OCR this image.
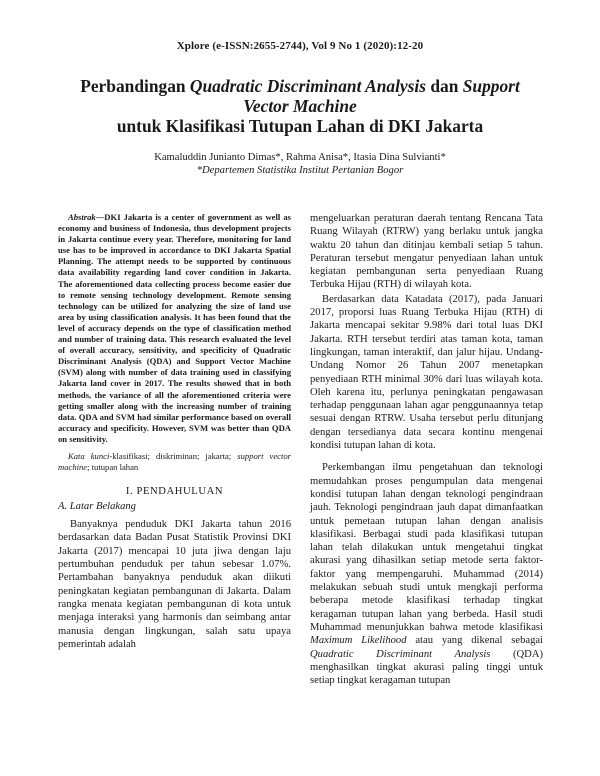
Xplore (e-ISSN:2655-2744), Vol 9 No 1 (2020):12-20
Perbandingan Quadratic Discriminant Analysis dan Support Vector Machine
untuk Klasifikasi Tutupan Lahan di DKI Jakarta
Kamaluddin Junianto Dimas*, Rahma Anisa*, Itasia Dina Sulvianti*
*Departemen Statistika Institut Pertanian Bogor

Abstrak—DKI Jakarta is a center of government as well as economy and business of Indonesia, thus development projects in Jakarta continue every year. Therefore, monitoring for land use has to be improved in accordance to DKI Jakarta Spatial Planning. The attempt needs to be supported by continuous data availability regarding land cover condition in Jakarta. The aforementioned data collecting process become easier due to remote sensing technology development. Remote sensing technology can be utilized for analyzing the size of land use area by using classification analysis. It has been found that the level of accuracy depends on the type of classification method and number of training data. This research evaluated the level of overall accuracy, sensitivity, and specificity of Quadratic Discriminant Analysis (QDA) and Support Vector Machine (SVM) along with number of data training used in classifying Jakarta land cover in 2017. The results showed that in both methods, the variance of all the aforementioned criteria were getting smaller along with the increasing number of training data. QDA and SVM had similar performance based on overall accuracy and specificity. However, SVM was better than QDA on sensitivity.

Kata kunci-klasifikasi; diskriminan; jakarta; support vector machine; tutupan lahan

I. PENDAHULUAN
A. Latar Belakang

Banyaknya penduduk DKI Jakarta tahun 2016 berdasarkan data Badan Pusat Statistik Provinsi DKI Jakarta (2017) mencapai 10 juta jiwa dengan laju pertumbuhan penduduk per tahun sebesar 1.07%. Pertambahan banyaknya penduduk akan diikuti peningkatan kegiatan pembangunan di Jakarta. Dalam rangka menata kegiatan pembangunan di kota untuk menjaga interaksi yang harmonis dan seimbang antar manusia dengan lingkungan, salah satu upaya pemerintah adalah

mengeluarkan peraturan daerah tentang Rencana Tata Ruang Wilayah (RTRW) yang berlaku untuk jangka waktu 20 tahun dan ditinjau kembali setiap 5 tahun. Peraturan tersebut mengatur penyediaan lahan untuk kegiatan pembangunan serta penyediaan Ruang Terbuka Hijau (RTH) di wilayah kota.

Berdasarkan data Katadata (2017), pada Januari 2017, proporsi luas Ruang Terbuka Hijau (RTH) di Jakarta mencapai sekitar 9.98% dari total luas DKI Jakarta. RTH tersebut terdiri atas taman kota, taman lingkungan, taman interaktif, dan jalur hijau. Undang-Undang Nomor 26 Tahun 2007 menetapkan penyediaan RTH minimal 30% dari luas wilayah kota. Oleh karena itu, perlunya peningkatan pengawasan terhadap penggunaan lahan agar penggunaannya tetap sesuai dengan RTRW. Usaha tersebut perlu ditunjang dengan tersedianya data secara kontinu mengenai kondisi tutupan lahan di kota.

Perkembangan ilmu pengetahuan dan teknologi memudahkan proses pengumpulan data mengenai kondisi tutupan lahan dengan teknologi pengindraan jauh. Teknologi pengindraan jauh dapat dimanfaatkan untuk pemetaan tutupan lahan dengan analisis klasifikasi. Berbagai studi pada klasifikasi tutupan lahan telah dilakukan untuk mengetahui tingkat akurasi yang dihasilkan setiap metode serta faktor-faktor yang mempengaruhi. Muhammad (2014) melakukan sebuah studi untuk mengkaji performa beberapa metode klasifikasi terhadap tingkat keragaman tutupan lahan yang berbeda. Hasil studi Muhammad menunjukkan bahwa metode klasifikasi Maximum Likelihood atau yang dikenal sebagai Quadratic Discriminant Analysis (QDA) menghasilkan tingkat akurasi paling tinggi untuk setiap tingkat keragaman tutupan
